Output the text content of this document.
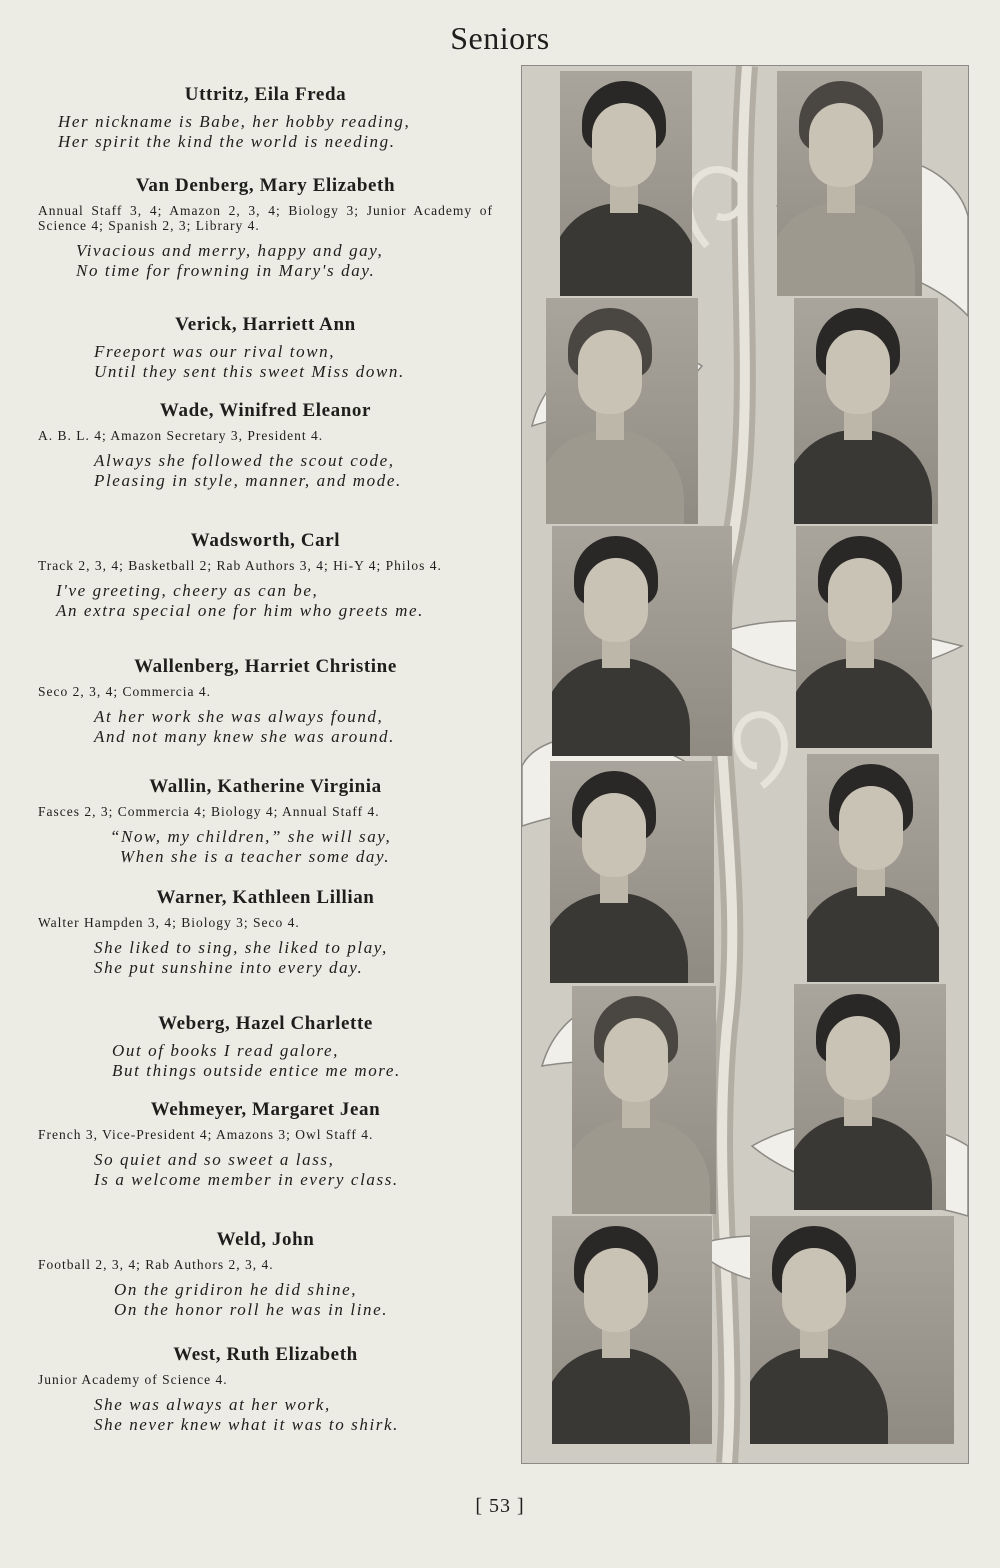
Seniors
Uttritz, Eila Freda
Her nickname is Babe, her hobby reading,
Her spirit the kind the world is needing.
Van Denberg, Mary Elizabeth
Annual Staff 3, 4; Amazon 2, 3, 4; Biology 3; Junior Academy of Science 4; Spanish 2, 3; Library 4.
Vivacious and merry, happy and gay,
No time for frowning in Mary's day.
Verick, Harriett Ann
Freeport was our rival town,
Until they sent this sweet Miss down.
Wade, Winifred Eleanor
A. B. L. 4; Amazon Secretary 3, President 4.
Always she followed the scout code,
Pleasing in style, manner, and mode.
Wadsworth, Carl
Track 2, 3, 4; Basketball 2; Rab Authors 3, 4; Hi-Y 4; Philos 4.
I've greeting, cheery as can be,
An extra special one for him who greets me.
Wallenberg, Harriet Christine
Seco 2, 3, 4; Commercia 4.
At her work she was always found,
And not many knew she was around.
Wallin, Katherine Virginia
Fasces 2, 3; Commercia 4; Biology 4; Annual Staff 4.
“Now, my children,” she will say,
When she is a teacher some day.
Warner, Kathleen Lillian
Walter Hampden 3, 4; Biology 3; Seco 4.
She liked to sing, she liked to play,
She put sunshine into every day.
Weberg, Hazel Charlette
Out of books I read galore,
But things outside entice me more.
Wehmeyer, Margaret Jean
French 3, Vice-President 4; Amazons 3; Owl Staff 4.
So quiet and so sweet a lass,
Is a welcome member in every class.
Weld, John
Football 2, 3, 4; Rab Authors 2, 3, 4.
On the gridiron he did shine,
On the honor roll he was in line.
West, Ruth Elizabeth
Junior Academy of Science 4.
She was always at her work,
She never knew what it was to shirk.
[ 53 ]
